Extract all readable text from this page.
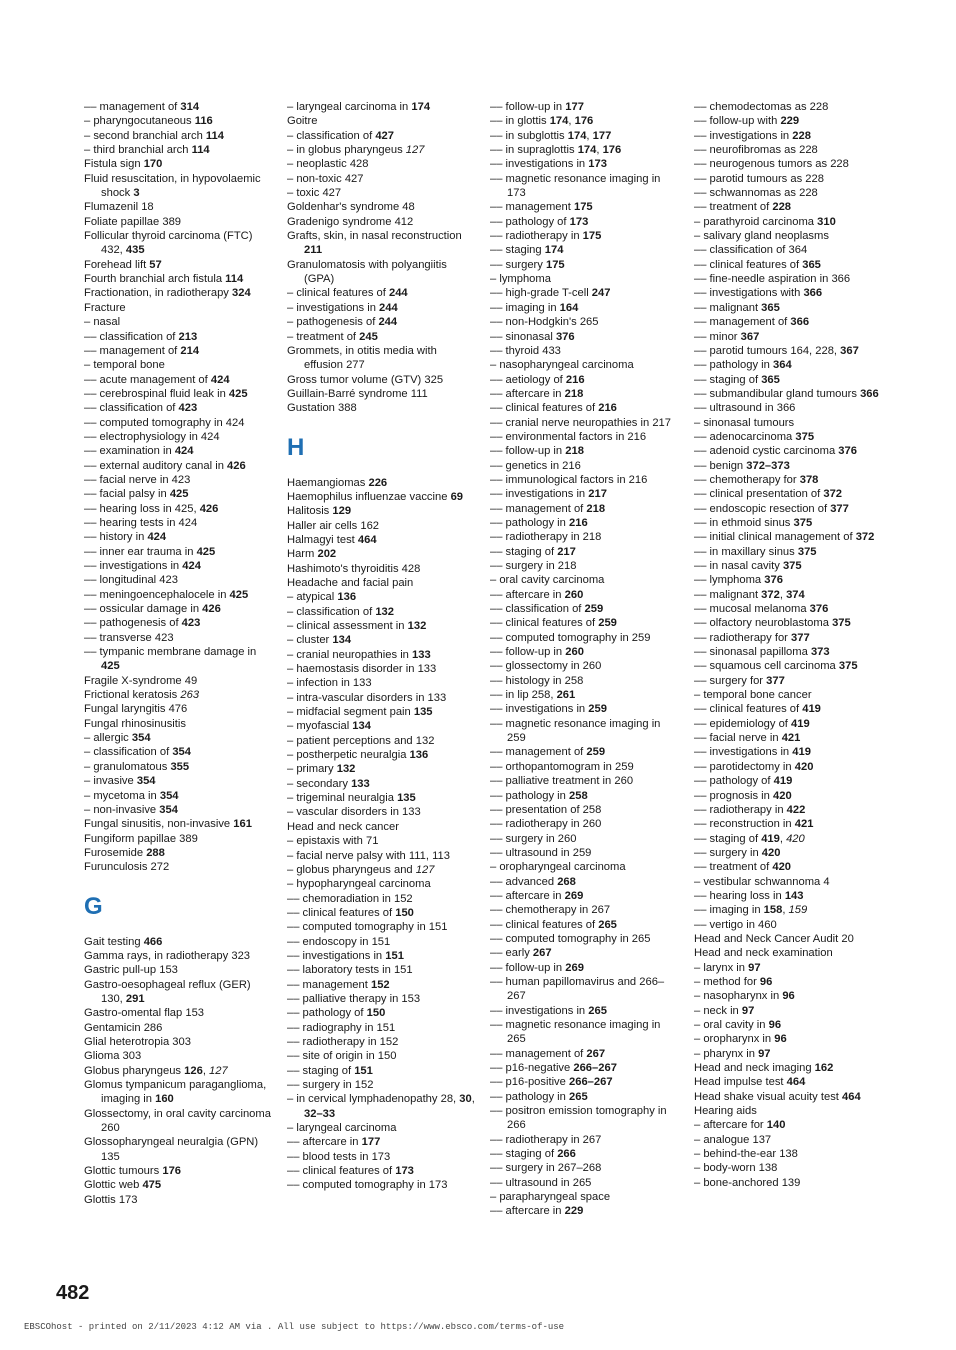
–– management of 314
– pharyngocutaneous 116
– second branchial arch 114
– third branchial arch 114
Fistula sign 170
Fluid resuscitation, in hypovolaemic shock 3
Flumazenil 18
Foliate papillae 389
Follicular thyroid carcinoma (FTC) 432, 435
Forehead lift 57
Fourth branchial arch fistula 114
Fractionation, in radiotherapy 324
Fracture
– nasal
–– classification of 213
–– management of 214
– temporal bone
–– acute management of 424
–– cerebrospinal fluid leak in 425
–– classification of 423
–– computed tomography in 424
–– electrophysiology in 424
–– examination in 424
–– external auditory canal in 426
–– facial nerve in 423
–– facial palsy in 425
–– hearing loss in 425, 426
–– hearing tests in 424
–– history in 424
–– inner ear trauma in 425
–– investigations in 424
–– longitudinal 423
–– meningoencephalocele in 425
–– ossicular damage in 426
–– pathogenesis of 423
–– transverse 423
–– tympanic membrane damage in 425
Fragile X-syndrome 49
Frictional keratosis 263
Fungal laryngitis 476
Fungal rhinosinusitis
– allergic 354
– classification of 354
– granulomatous 355
– invasive 354
– mycetoma in 354
– non-invasive 354
Fungal sinusitis, non-invasive 161
Fungiform papillae 389
Furosemide 288
Furunculosis 272
G
Gait testing 466
Gamma rays, in radiotherapy 323
Gastric pull-up 153
Gastro-oesophageal reflux (GER) 130, 291
Gastro-omental flap 153
Gentamicin 286
Glial heterotropia 303
Glioma 303
Globus pharyngeus 126, 127
Glomus tympanicum paraganglioma, imaging in 160
Glossectomy, in oral cavity carcinoma 260
Glossopharyngeal neuralgia (GPN) 135
Glottic tumours 176
Glottic web 475
Glottis 173
– laryngeal carcinoma in 174
Goitre
– classification of 427
– in globus pharyngeus 127
– neoplastic 428
– non-toxic 427
– toxic 427
Goldenhar's syndrome 48
Gradenigo syndrome 412
Grafts, skin, in nasal reconstruction 211
Granulomatosis with polyangiitis (GPA)
– clinical features of 244
– investigations in 244
– pathogenesis of 244
– treatment of 245
Grommets, in otitis media with effusion 277
Gross tumor volume (GTV) 325
Guillain-Barré syndrome 111
Gustation 388
H
Haemangiomas 226
Haemophilus influenzae vaccine 69
Halitosis 129
Haller air cells 162
Halmagyi test 464
Harm 202
Hashimoto's thyroiditis 428
Headache and facial pain
– atypical 136
– classification of 132
– clinical assessment in 132
– cluster 134
– cranial neuropathies in 133
– haemostasis disorder in 133
– infection in 133
– intra-vascular disorders in 133
– midfacial segment pain 135
– myofascial 134
– patient perceptions and 132
– postherpetic neuralgia 136
– primary 132
– secondary 133
– trigeminal neuralgia 135
– vascular disorders in 133
Head and neck cancer
– epistaxis with 71
– facial nerve palsy with 111, 113
– globus pharyngeus and 127
– hypopharyngeal carcinoma
–– chemoradiation in 152
–– clinical features of 150
–– computed tomography in 151
–– endoscopy in 151
–– investigations in 151
–– laboratory tests in 151
–– management 152
–– palliative therapy in 153
–– pathology of 150
–– radiography in 151
–– radiotherapy in 152
–– site of origin in 150
–– staging of 151
–– surgery in 152
– in cervical lymphadenopathy 28, 30, 32–33
– laryngeal carcinoma
–– aftercare in 177
–– blood tests in 173
–– clinical features of 173
–– computed tomography in 173
–– follow-up in 177
–– in glottis 174, 176
–– in subglottis 174, 177
–– in supraglottis 174, 176
–– investigations in 173
–– magnetic resonance imaging in 173
–– management 175
–– pathology of 173
–– radiotherapy in 175
–– staging 174
–– surgery 175
– lymphoma
–– high-grade T-cell 247
–– imaging in 164
–– non-Hodgkin's 265
–– sinonasal 376
–– thyroid 433
– nasopharyngeal carcinoma
–– aetiology of 216
–– aftercare in 218
–– clinical features of 216
–– cranial nerve neuropathies in 217
–– environmental factors in 216
–– follow-up in 218
–– genetics in 216
–– immunological factors in 216
–– investigations in 217
–– management of 218
–– pathology in 216
–– radiotherapy in 218
–– staging of 217
–– surgery in 218
– oral cavity carcinoma
–– aftercare in 260
–– classification of 259
–– clinical features of 259
–– computed tomography in 259
–– follow-up in 260
–– glossectomy in 260
–– histology in 258
–– in lip 258, 261
–– investigations in 259
–– magnetic resonance imaging in 259
–– management of 259
–– orthopantomogram in 259
–– palliative treatment in 260
–– pathology in 258
–– presentation of 258
–– radiotherapy in 260
–– surgery in 260
–– ultrasound in 259
– oropharyngeal carcinoma
–– advanced 268
–– aftercare in 269
–– chemotherapy in 267
–– clinical features of 265
–– computed tomography in 265
–– early 267
–– follow-up in 269
–– human papillomavirus and 266–267
–– investigations in 265
–– magnetic resonance imaging in 265
–– management of 267
–– p16-negative 266–267
–– p16-positive 266–267
–– pathology in 265
–– positron emission tomography in 266
–– radiotherapy in 267
–– staging of 266
–– surgery in 267–268
–– ultrasound in 265
– parapharyngeal space
–– aftercare in 229
–– chemodectomas as 228
–– follow-up with 229
–– investigations in 228
–– neurofibromas as 228
–– neurogenous tumors as 228
–– parotid tumours as 228
–– schwannomas as 228
–– treatment of 228
– parathyroid carcinoma 310
– salivary gland neoplasms
–– classification of 364
–– clinical features of 365
–– fine-needle aspiration in 366
–– investigations with 366
–– malignant 365
–– management of 366
–– minor 367
–– parotid tumours 164, 228, 367
–– pathology in 364
–– staging of 365
–– submandibular gland tumours 366
–– ultrasound in 366
– sinonasal tumours
–– adenocarcinoma 375
–– adenoid cystic carcinoma 376
–– benign 372–373
–– chemotherapy for 378
–– clinical presentation of 372
–– endoscopic resection of 377
–– in ethmoid sinus 375
–– initial clinical management of 372
–– in maxillary sinus 375
–– in nasal cavity 375
–– lymphoma 376
–– malignant 372, 374
–– mucosal melanoma 376
–– olfactory neuroblastoma 375
–– radiotherapy for 377
–– sinonasal papilloma 373
–– squamous cell carcinoma 375
–– surgery for 377
– temporal bone cancer
–– clinical features of 419
–– epidemiology of 419
–– facial nerve in 421
–– investigations in 419
–– parotidectomy in 420
–– pathology of 419
–– prognosis in 420
–– radiotherapy in 422
–– reconstruction in 421
–– staging of 419, 420
–– surgery in 420
–– treatment of 420
– vestibular schwannoma 4
–– hearing loss in 143
–– imaging in 158, 159
–– vertigo in 460
Head and Neck Cancer Audit 20
Head and neck examination
– larynx in 97
– method for 96
– nasopharynx in 96
– neck in 97
– oral cavity in 96
– oropharynx in 96
– pharynx in 97
Head and neck imaging 162
Head impulse test 464
Head shake visual acuity test 464
Hearing aids
– aftercare for 140
– analogue 137
– behind-the-ear 138
– body-worn 138
– bone-anchored 139
482
EBSCOhost - printed on 2/11/2023 4:12 AM via . All use subject to https://www.ebsco.com/terms-of-use
